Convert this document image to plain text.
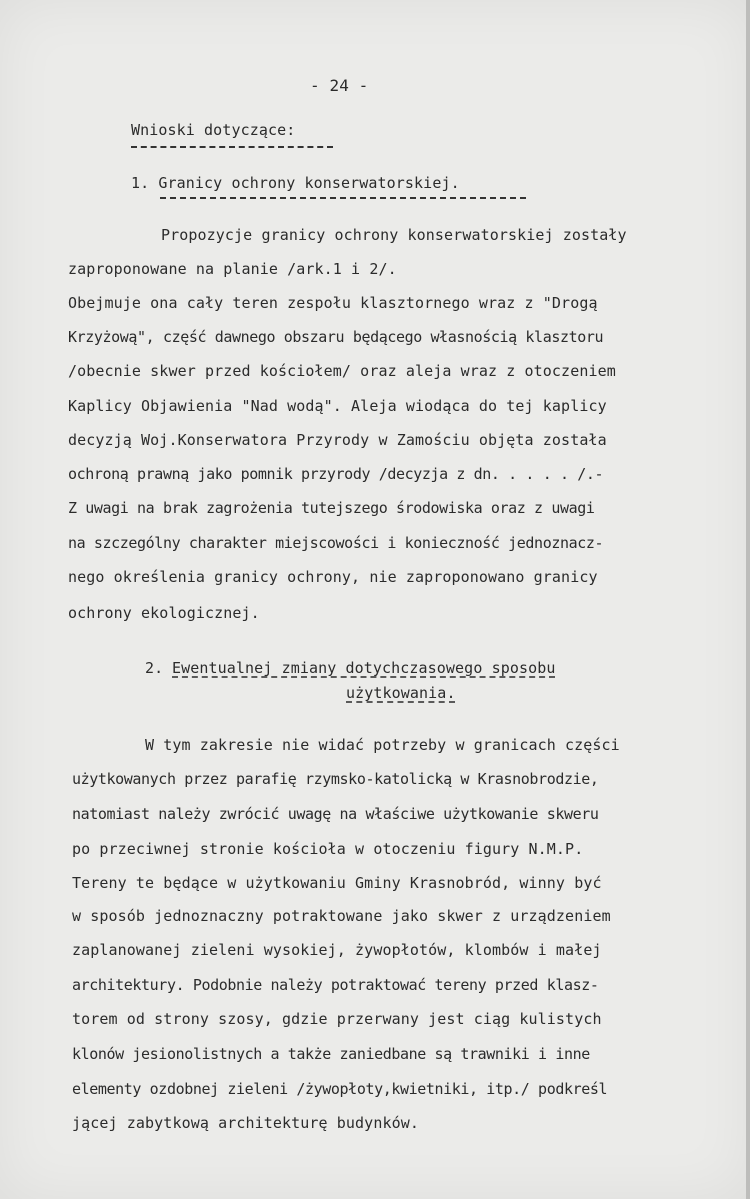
- 24 -
Wnioski dotyczące:
1. Granicy ochrony konserwatorskiej.
Propozycje granicy ochrony konserwatorskiej zostały
zaproponowane na planie /ark.1 i 2/.
Obejmuje ona cały teren zespołu klasztornego wraz z "Drogą
Krzyżową", część dawnego obszaru będącego własnością klasztoru
/obecnie skwer przed kościołem/ oraz aleja wraz z otoczeniem
Kaplicy Objawienia "Nad wodą". Aleja wiodąca do tej kaplicy
decyzją Woj.Konserwatora Przyrody w Zamościu objęta została
ochroną prawną jako pomnik przyrody /decyzja z dn. . . . . /.-
Z uwagi na brak zagrożenia tutejszego środowiska oraz z uwagi
na szczególny charakter miejscowości i konieczność jednoznacz-
nego określenia granicy ochrony, nie zaproponowano granicy
ochrony ekologicznej.
2. Ewentualnej zmiany dotychczasowego sposobu
użytkowania.
W tym zakresie nie widać potrzeby w granicach części
użytkowanych przez parafię rzymsko-katolicką w Krasnobrodzie,
natomiast należy zwrócić uwagę na właściwe użytkowanie skweru
po przeciwnej stronie kościoła w otoczeniu figury N.M.P.
Tereny te będące w użytkowaniu Gminy Krasnobród, winny być
w sposób jednoznaczny potraktowane jako skwer z urządzeniem
zaplanowanej zieleni wysokiej, żywopłotów, klombów i małej
architektury. Podobnie należy potraktować tereny przed klasz-
torem od strony szosy, gdzie przerwany jest ciąg kulistych
klonów jesionolistnych a także zaniedbane są trawniki i inne
elementy ozdobnej zieleni /żywopłoty,kwietniki, itp./ podkreśl
jącej zabytkową architekturę budynków.
